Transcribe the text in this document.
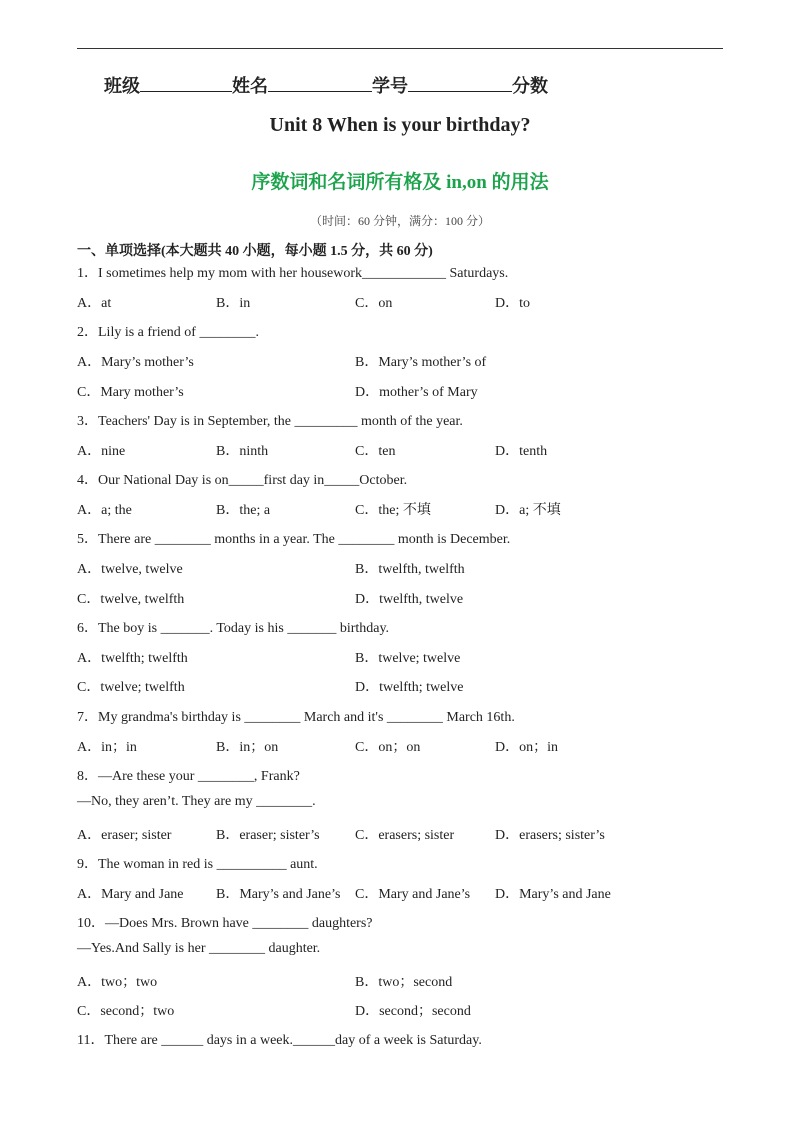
班级	姓名	学号	分数
Unit 8 When is your birthday?
序数词和名词所有格及 in,on 的用法
（时间：60 分钟，满分：100 分）
一、单项选择(本大题共 40 小题，每小题 1.5 分，共 60 分)
1．I sometimes help my mom with her housework____________ Saturdays.
A．at	B．in	C．on	D．to
2．Lily is a friend of ________.
A．Mary’s mother’s	B．Mary’s mother’s of
C．Mary mother’s	D．mother’s of Mary
3．Teachers' Day is in September, the _________ month of the year.
A．nine	B．ninth	C．ten	D．tenth
4．Our National Day is on_____first day in_____October.
A．a; the	B．the; a	C．the; 不填	D．a; 不填
5．There are ________ months in a year. The ________ month is December.
A．twelve, twelve	B．twelfth, twelfth
C．twelve, twelfth	D．twelfth, twelve
6．The boy is _______. Today is his _______ birthday.
A．twelfth; twelfth	B．twelve; twelve
C．twelve; twelfth	D．twelfth; twelve
7．My grandma's birthday is ________ March and it's ________ March 16th.
A．in；in	B．in；on	C．on；on	D．on；in
8．—Are these your ________, Frank?
—No, they aren’t. They are my ________.
A．eraser; sister	B．eraser; sister’s	C．erasers; sister	D．erasers; sister’s
9．The woman in red is __________ aunt.
A．Mary and Jane B．Mary’s and Jane’s C．Mary and Jane’s D．Mary’s and Jane
10．—Does Mrs. Brown have ________ daughters?
—Yes.And Sally is her ________ daughter.
A．two；two	B．two；second
C．second；two	D．second；second
11．There are ______ days in a week.______day of a week is Saturday.
